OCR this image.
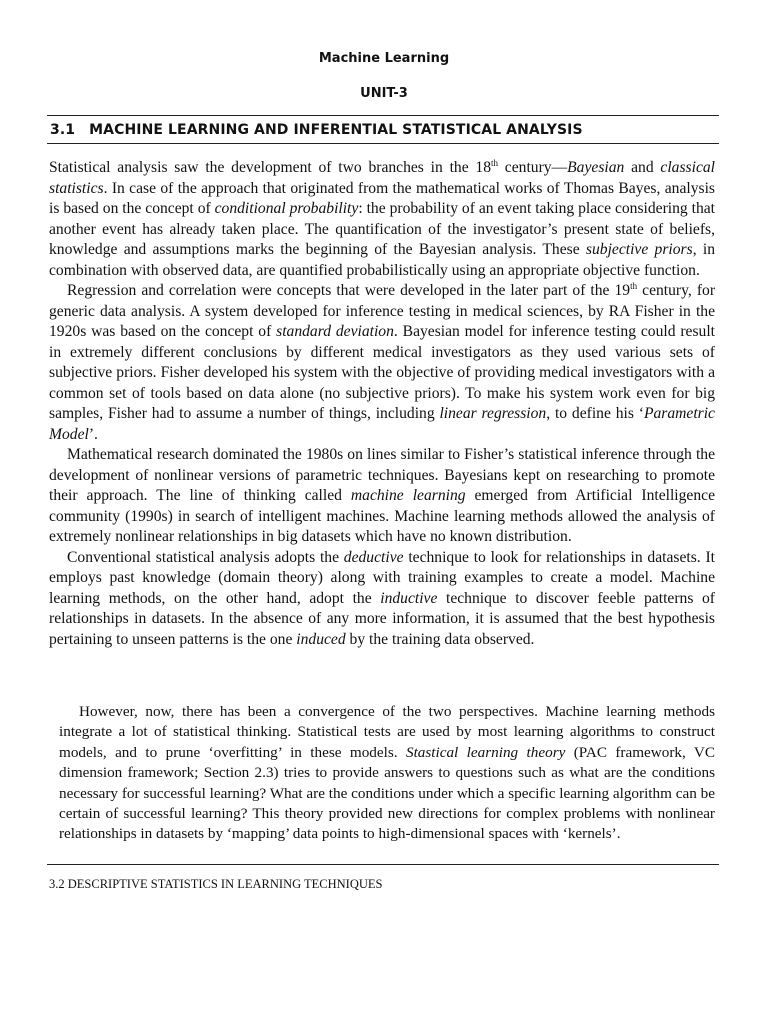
Machine Learning
UNIT-3
3.1 MACHINE LEARNING AND INFERENTIAL STATISTICAL ANALYSIS

Statistical analysis saw the development of two branches in the 18th century—Bayesian and classical statistics. In case of the approach that originated from the mathematical works of Thomas Bayes, analysis is based on the concept of conditional probability: the probability of an event taking place considering that another event has already taken place. The quantification of the investigator’s present state of beliefs, knowledge and assumptions marks the beginning of the Bayesian analysis. These subjective priors, in combination with observed data, are quantified probabilistically using an appropriate objective function.

Regression and correlation were concepts that were developed in the later part of the 19th century, for generic data analysis. A system developed for inference testing in medical sciences, by RA Fisher in the 1920s was based on the concept of standard deviation. Bayesian model for inference testing could result in extremely different conclusions by different medical investigators as they used various sets of subjective priors. Fisher developed his system with the objective of providing medical investigators with a common set of tools based on data alone (no subjective priors). To make his system work even for big samples, Fisher had to assume a number of things, including linear regression, to define his ‘Parametric Model’.

Mathematical research dominated the 1980s on lines similar to Fisher’s statistical inference through the development of nonlinear versions of parametric techniques. Bayesians kept on researching to promote their approach. The line of thinking called machine learning emerged from Artificial Intelligence community (1990s) in search of intelligent machines. Machine learning methods allowed the analysis of extremely nonlinear relationships in big datasets which have no known distribution.

Conventional statistical analysis adopts the deductive technique to look for relationships in datasets. It employs past knowledge (domain theory) along with training examples to create a model. Machine learning methods, on the other hand, adopt the inductive technique to discover feeble patterns of relationships in datasets. In the absence of any more information, it is assumed that the best hypothesis pertaining to unseen patterns is the one induced by the training data observed.

However, now, there has been a convergence of the two perspectives. Machine learning methods integrate a lot of statistical thinking. Statistical tests are used by most learning algorithms to construct models, and to prune ‘overfitting’ in these models. Stastical learning theory (PAC framework, VC dimension framework; Section 2.3) tries to provide answers to questions such as what are the conditions necessary for successful learning? What are the conditions under which a specific learning algorithm can be certain of successful learning? This theory provided new directions for complex problems with nonlinear relationships in datasets by ‘mapping’ data points to high-dimensional spaces with ‘kernels’.

3.2 DESCRIPTIVE STATISTICS IN LEARNING TECHNIQUES
